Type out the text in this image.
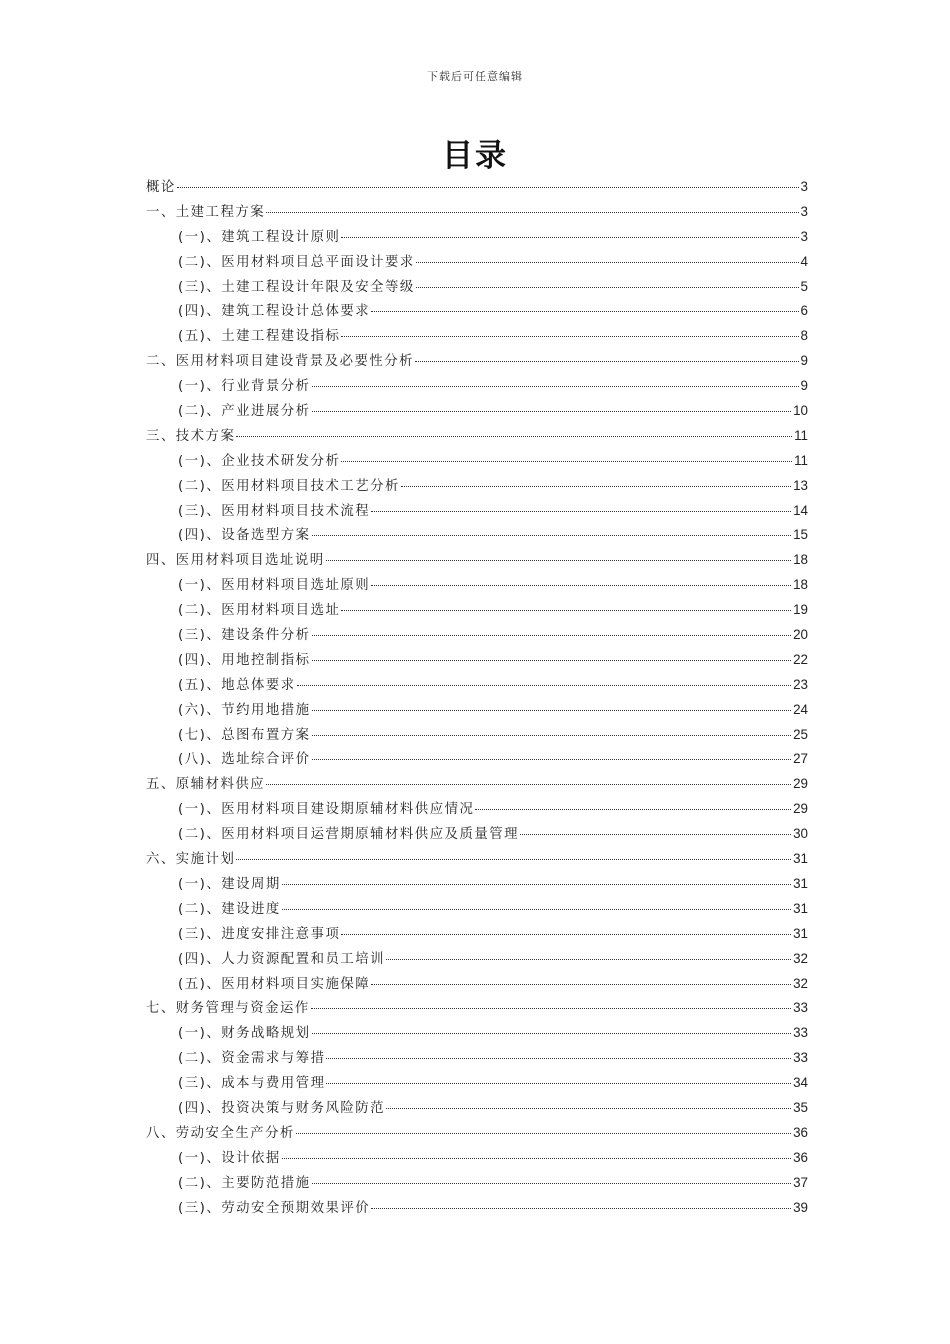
下载后可任意编辑
目录
概论	3
一、土建工程方案	3
(一)、建筑工程设计原则	3
(二)、医用材料项目总平面设计要求	4
(三)、土建工程设计年限及安全等级	5
(四)、建筑工程设计总体要求	6
(五)、土建工程建设指标	8
二、医用材料项目建设背景及必要性分析	9
(一)、行业背景分析	9
(二)、产业进展分析	10
三、技术方案	11
(一)、企业技术研发分析	11
(二)、医用材料项目技术工艺分析	13
(三)、医用材料项目技术流程	14
(四)、设备选型方案	15
四、医用材料项目选址说明	18
(一)、医用材料项目选址原则	18
(二)、医用材料项目选址	19
(三)、建设条件分析	20
(四)、用地控制指标	22
(五)、地总体要求	23
(六)、节约用地措施	24
(七)、总图布置方案	25
(八)、选址综合评价	27
五、原辅材料供应	29
(一)、医用材料项目建设期原辅材料供应情况	29
(二)、医用材料项目运营期原辅材料供应及质量管理	30
六、实施计划	31
(一)、建设周期	31
(二)、建设进度	31
(三)、进度安排注意事项	31
(四)、人力资源配置和员工培训	32
(五)、医用材料项目实施保障	32
七、财务管理与资金运作	33
(一)、财务战略规划	33
(二)、资金需求与筹措	33
(三)、成本与费用管理	34
(四)、投资决策与财务风险防范	35
八、劳动安全生产分析	36
(一)、设计依据	36
(二)、主要防范措施	37
(三)、劳动安全预期效果评价	39
